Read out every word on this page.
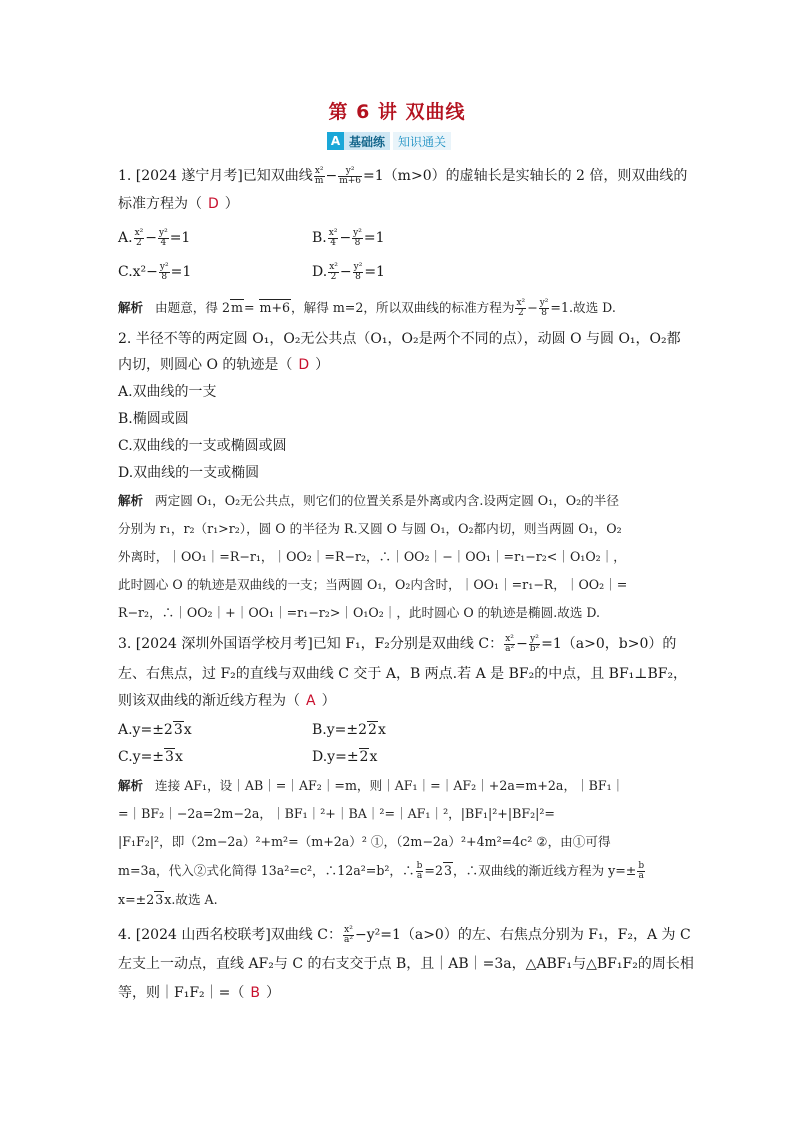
第 6 讲 双曲线
A 基础练	知识通关
1. [2024 遂宁月考]已知双曲线 $\frac{\text{x²}}{m} - \frac{\text{y²}}{m+6} =1(m>0)$的虚轴长是实轴长的 2 倍，则双曲线的
标准方程为（ D ）
A. $\frac{\text{x²}}{2} - \frac{\text{y²}}{4} =1$	B. $\frac{\text{x²}}{4} - \frac{\text{y²}}{8} =1$
$C.x^2- \frac{\text{y²}}{8} =1$	D. $\frac{\text{x²}}{2} - \frac{\text{y²}}{8} =1$
解析 由题意，得 2m= m+6，解得 m=2，所以双曲线的标准方程为 $\frac{\text{x²}}{2} - \frac{\text{y²}}{8} =1$.故选 D.
2. 半径不等的两定圆 O₁，O₂无公共点（O₁，O₂是两个不同的点），动圆 O 与圆 O₁，O₂都
内切，则圆心 O 的轨迹是（ D ）
A.双曲线的一支
B.椭圆或圆
C.双曲线的一支或椭圆或圆
D.双曲线的一支或椭圆
解析 两定圆 O₁，O₂无公共点，则它们的位置关系是外离或内含.设两定圆 O₁，O₂的半径
分别为 r₁，r₂（r₁>r₂），圆 O 的半径为 R.又圆 O 与圆 O₁，O₂都内切，则当两圆 O₁，O₂
外离时，｜OO₁｜=R−r₁，｜OO₂｜=R−r₂，∴｜OO₂｜−｜OO₁｜=r₁−r₂<｜O₁O₂｜，
此时圆心 O 的轨迹是双曲线的一支；当两圆 O₁，O₂内含时，｜OO₁｜=r₁−R，｜OO₂｜=
R−r₂，∴｜OO₂｜+｜OO₁｜=r₁−r₂>｜O₁O₂｜，此时圆心 O 的轨迹是椭圆.故选 D.
3. [2024 深圳外国语学校月考]已知 F₁，F₂分别是双曲线 C： $\frac{\text{x²}}{\text{a²}} - \frac{\text{y²}}{\text{b²}} =1(a>0$，b>0）的
左、右焦点，过 F₂的直线与双曲线 C 交于 A，B 两点.若 A 是 BF₂的中点，且 BF₁⊥BF₂，
则该双曲线的渐近线方程为（ A ）
A.y=±23x	B.y=±22x
C.y=±3x	D.y=±2x
解析 连接 AF₁，设｜AB｜=｜AF₂｜=m，则｜AF₁｜=｜AF₂｜+2a=m+2a，｜BF₁｜
=｜BF₂｜−2a=2m−2a，｜BF₁｜²+｜BA｜²=｜AF₁｜²，|BF₁|²+|BF₂|²=
|F₁F₂|²，即（2m−2a）²+m²=（m+2a）² ①，（2m−2a）²+4m²=4c² ②，由①可得
m=3a，代入②式化简得 13a²=c²，∴12a²=b²，∴ $\frac{b}{a} =23$，∴双曲线的渐近线方程为 $y=\pm \frac{b}{a}$
x=±23x.故选 A.
4. [2024 山西名校联考]双曲线 C： $\frac{\text{x²}}{\text{a²}} -y^2=1(a>0)$的左、右焦点分别为 F₁，F₂，A 为 C
左支上一动点，直线 AF₂与 C 的右支交于点 B，且｜AB｜=3a，△ABF₁与△BF₁F₂的周长相
等，则｜F₁F₂｜=（ B ）
